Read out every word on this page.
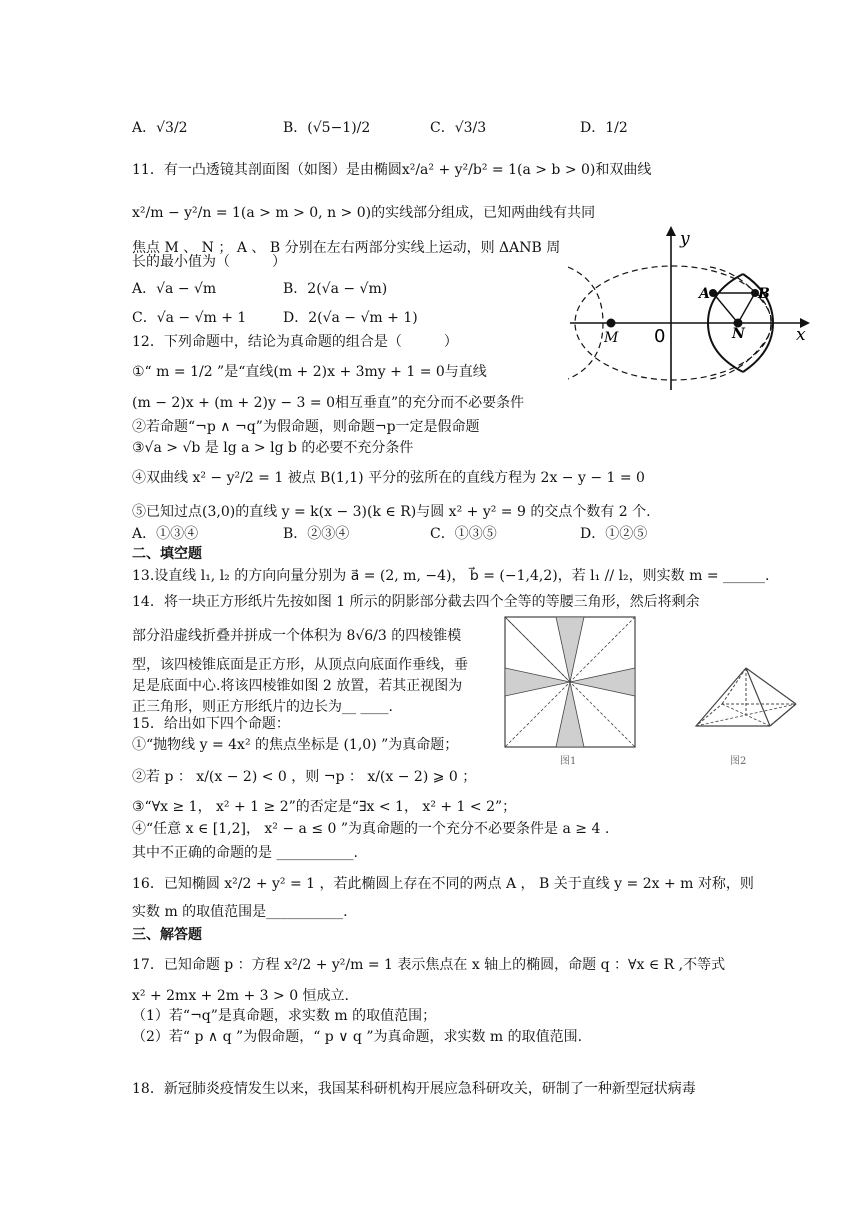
A．√3/2	B．(√5−1)/2	C．√3/3	D．1/2
11．有一凸透镜其剖面图（如图）是由椭圆x²/a² + y²/b² = 1(a > b > 0)和双曲线
x²/m − y²/n = 1(a > m > 0, n > 0)的实线部分组成，已知两曲线有共同
焦点 M 、 N ； A 、 B 分别在左右两部分实线上运动，则 ΔANB 周
长的最小值为（　　　）
A．√a − √m	B．2(√a − √m)
C．√a − √m + 1	D．2(√a − √m + 1)
y
x
0
A	B
M	N
12．下列命题中，结论为真命题的组合是（　　　）
①“ m = 1/2 ”是“直线(m + 2)x + 3my + 1 = 0与直线
(m − 2)x + (m + 2)y − 3 = 0相互垂直”的充分而不必要条件
②若命题“¬p ∧ ¬q”为假命题，则命题¬p一定是假命题
③√a > √b 是 lg a > lg b 的必要不充分条件
④双曲线 x² − y²/2 = 1 被点 B(1,1) 平分的弦所在的直线方程为 2x − y − 1 = 0
⑤已知过点(3,0)的直线 y = k(x − 3)(k ∈ R)与圆 x² + y² = 9 的交点个数有 2 个.
A．①③④	B．②③④	C．①③⑤	D．①②⑤
二、填空题
13.设直线 l₁, l₂ 的方向向量分别为 a⃗ = (2, m, −4)， b⃗ = (−1,4,2)，若 l₁ // l₂，则实数 m = ______.
14．将一块正方形纸片先按如图 1 所示的阴影部分截去四个全等的等腰三角形，然后将剩余
部分沿虚线折叠并拼成一个体积为 8√6/3 的四棱锥模
型，该四棱锥底面是正方形，从顶点向底面作垂线，垂
足是底面中心.将该四棱锥如图 2 放置，若其正视图为
正三角形，则正方形纸片的边长为__ ____.
图1	图2
15．给出如下四个命题：
①“抛物线 y = 4x² 的焦点坐标是 (1,0) ”为真命题；
②若 p ： x/(x − 2) < 0 ，则 ¬p ： x/(x − 2) ⩾ 0 ；
③“∀x ≥ 1， x² + 1 ≥ 2”的否定是“∃x < 1， x² + 1 < 2”；
④“任意 x ∈ [1,2]， x² − a ≤ 0 ”为真命题的一个充分不必要条件是 a ≥ 4 .
其中不正确的命题的是 ___________.
16．已知椭圆 x²/2 + y² = 1 ，若此椭圆上存在不同的两点 A ， B 关于直线 y = 2x + m 对称，则
实数 m 的取值范围是___________.
三、解答题
17．已知命题 p ：方程 x²/2 + y²/m = 1 表示焦点在 x 轴上的椭圆，命题 q ：∀x ∈ R ,不等式
x² + 2mx + 2m + 3 > 0 恒成立.
（1）若“¬q”是真命题，求实数 m 的取值范围；
（2）若“ p ∧ q ”为假命题，“ p ∨ q ”为真命题，求实数 m 的取值范围.
18．新冠肺炎疫情发生以来，我国某科研机构开展应急科研攻关，研制了一种新型冠状病毒
